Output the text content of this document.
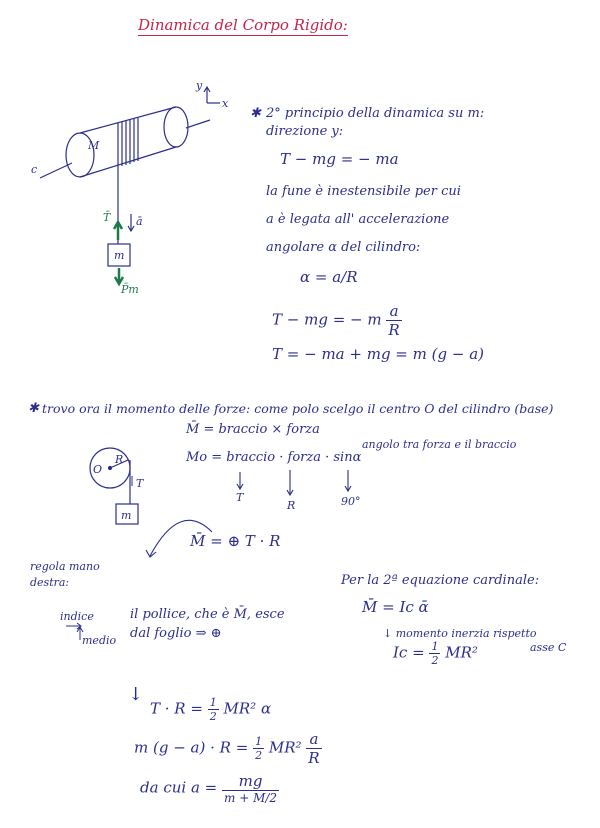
Dinamica del Corpo Rigido:
y
x
c
M
T̄ ā
m
P̄m
✱ 2° principio della dinamica su m:
direzione y:
T − mg = − ma
la fune è inestensibile per cui
a è legata all' accelerazione
angolare α del cilindro:
α = a/R
T − mg = − m $\frac{a}{R}$
T = − ma + mg = m (g − a)
✱ trovo ora il momento delle forze: come polo scelgo il centro O del cilindro (base)
M̄ = braccio × forza
Mo = braccio · forza · sinα
angolo tra forza e il braccio
T
R	90°
M̄ = ⊕ T · R
O
R
T
m
regola mano
destra:
indice
medio
il pollice, che è M̄, esce
dal foglio ⇒ ⊕
Per la 2ª equazione cardinale:
M̄ = Ic ᾱ
↓ momento inerzia rispetto
asse C
$Ic = \frac{1}{2} MR^2$
↓
$T \cdot R = \frac{1}{2} MR^2$ α
m $(g - a) \cdot R = \frac{1}{2} MR^2 \frac{a}{R}$
da cui $a = \frac{mg}{m + M/2}$
